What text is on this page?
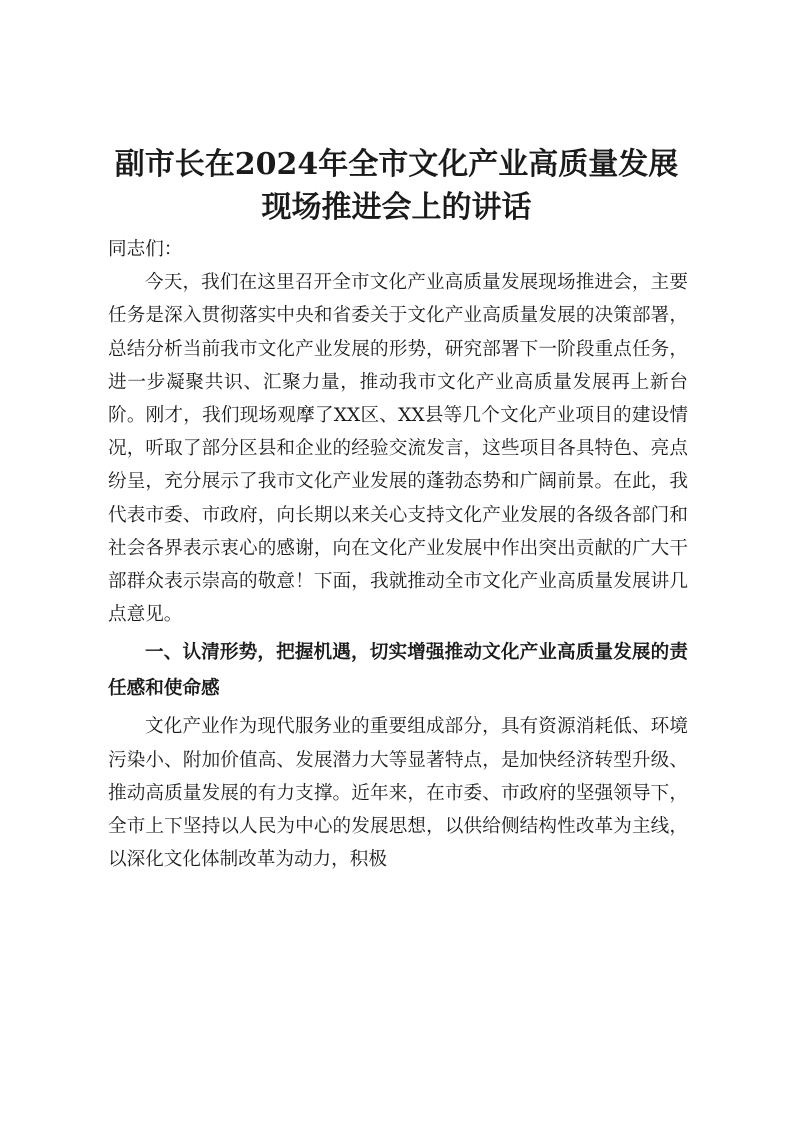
副市长在2024年全市文化产业高质量发展现场推进会上的讲话

同志们：

今天，我们在这里召开全市文化产业高质量发展现场推进会，主要任务是深入贯彻落实中央和省委关于文化产业高质量发展的决策部署，总结分析当前我市文化产业发展的形势，研究部署下一阶段重点任务，进一步凝聚共识、汇聚力量，推动我市文化产业高质量发展再上新台阶。刚才，我们现场观摩了XX区、XX县等几个文化产业项目的建设情况，听取了部分区县和企业的经验交流发言，这些项目各具特色、亮点纷呈，充分展示了我市文化产业发展的蓬勃态势和广阔前景。在此，我代表市委、市政府，向长期以来关心支持文化产业发展的各级各部门和社会各界表示衷心的感谢，向在文化产业发展中作出突出贡献的广大干部群众表示崇高的敬意！下面，我就推动全市文化产业高质量发展讲几点意见。

一、认清形势，把握机遇，切实增强推动文化产业高质量发展的责任感和使命感

文化产业作为现代服务业的重要组成部分，具有资源消耗低、环境污染小、附加价值高、发展潜力大等显著特点，是加快经济转型升级、推动高质量发展的有力支撑。近年来，在市委、市政府的坚强领导下，全市上下坚持以人民为中心的发展思想，以供给侧结构性改革为主线，以深化文化体制改革为动力，积极
